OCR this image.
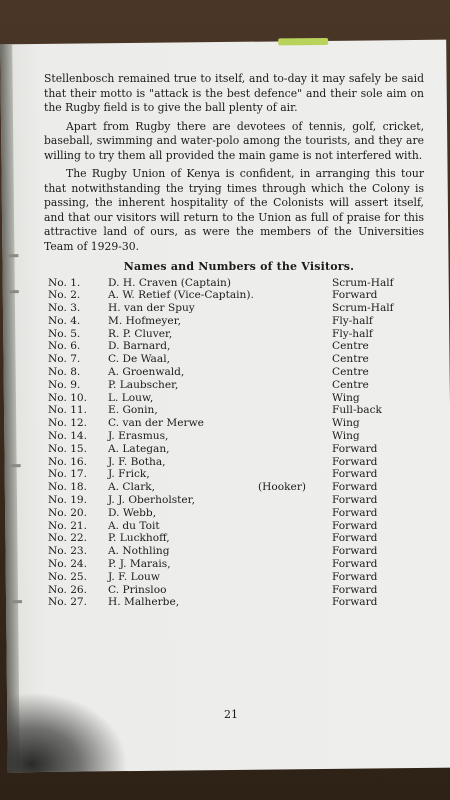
Stellenbosch remained true to itself, and to-day it may safely be said that their motto is "attack is the best defence" and their sole aim on the Rugby field is to give the ball plenty of air.

Apart from Rugby there are devotees of tennis, golf, cricket, baseball, swimming and water-polo among the tourists, and they are willing to try them all provided the main game is not interfered with.

The Rugby Union of Kenya is confident, in arranging this tour that notwithstanding the trying times through which the Colony is passing, the inherent hospitality of the Colonists will assert itself, and that our visitors will return to the Union as full of praise for this attractive land of ours, as were the members of the Universities Team of 1929-30.

Names and Numbers of the Visitors.
No. 1.	D. H. Craven (Captain)		Scrum-Half
No. 2.	A. W. Retief (Vice-Captain).		Forward
No. 3.	H. van der Spuy		Scrum-Half
No. 4.	M. Hofmeyer,		Fly-half
No. 5.	R. P. Cluver,		Fly-half
No. 6.	D. Barnard,		Centre
No. 7.	C. De Waal,		Centre
No. 8.	A. Groenwald,		Centre
No. 9.	P. Laubscher,		Centre
No. 10.	L. Louw,		Wing
No. 11.	E. Gonin,		Full-back
No. 12.	C. van der Merwe		Wing
No. 14.	J. Erasmus,		Wing
No. 15.	A. Lategan,		Forward
No. 16.	J. F. Botha,		Forward
No. 17.	J. Frick,		Forward
No. 18.	A. Clark,	(Hooker)	Forward
No. 19.	J. J. Oberholster,		Forward
No. 20.	D. Webb,		Forward
No. 21.	A. du Toit		Forward
No. 22.	P. Luckhoff,		Forward
No. 23.	A. Nothling		Forward
No. 24.	P. J. Marais,		Forward
No. 25.	J. F. Louw		Forward
No. 26.	C. Prinsloo		Forward
No. 27.	H. Malherbe,		Forward
21
